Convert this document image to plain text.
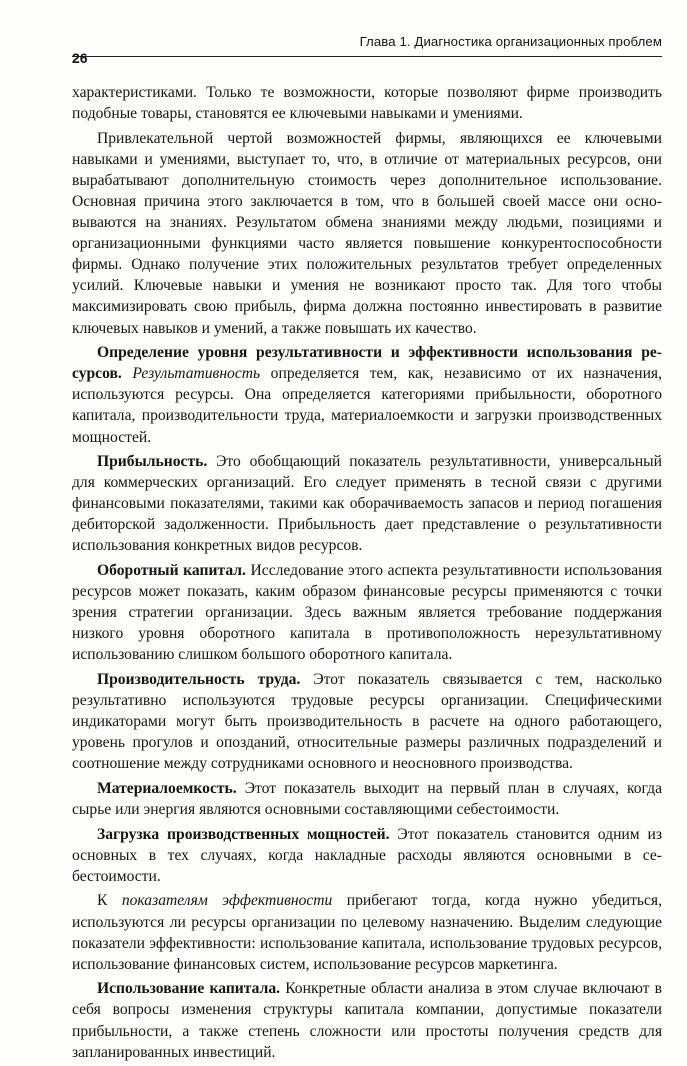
26
Глава 1. Диагностика организационных проблем

характеристиками. Только те возможности, которые позволяют фирме производить подобные товары, становятся ее ключевыми навыками и умениями.

Привлекательной чертой возможностей фирмы, являющихся ее ключевыми навыками и умениями, выступает то, что, в отличие от материальных ресурсов, они вырабатывают дополнительную стоимость через дополнительное использование. Основная причина этого заключается в том, что в большей своей массе они основываются на знаниях. Результатом обмена знаниями между людьми, позициями и организационными функциями часто является повышение конкурентоспособности фирмы. Однако получение этих положительных результатов требует определенных усилий. Ключевые навыки и умения не возникают просто так. Для того чтобы максимизировать свою прибыль, фирма должна постоянно инвестировать в развитие ключевых навыков и умений, а также повышать их качество.

Определение уровня результативности и эффективности использования ресурсов. Результативность определяется тем, как, независимо от их назначения, используются ресурсы. Она определяется категориями прибыльности, оборотного капитала, производительности труда, материалоемкости и загрузки производственных мощностей.

Прибыльность. Это обобщающий показатель результативности, универсальный для коммерческих организаций. Его следует применять в тесной связи с другими финансовыми показателями, такими как оборачиваемость запасов и период погашения дебиторской задолженности. Прибыльность дает представление о результативности использования конкретных видов ресурсов.

Оборотный капитал. Исследование этого аспекта результативности использования ресурсов может показать, каким образом финансовые ресурсы применяются с точки зрения стратегии организации. Здесь важным является требование поддержания низкого уровня оборотного капитала в противоположность нерезультативному использованию слишком большого оборотного капитала.

Производительность труда. Этот показатель связывается с тем, насколько результативно используются трудовые ресурсы организации. Специфическими индикаторами могут быть производительность в расчете на одного работающего, уровень прогулов и опозданий, относительные размеры различных подразделений и соотношение между сотрудниками основного и неосновного производства.

Материалоемкость. Этот показатель выходит на первый план в случаях, когда сырье или энергия являются основными составляющими себестоимости.

Загрузка производственных мощностей. Этот показатель становится одним из основных в тех случаях, когда накладные расходы являются основными в себестоимости.

К показателям эффективности прибегают тогда, когда нужно убедиться, используются ли ресурсы организации по целевому назначению. Выделим следующие показатели эффективности: использование капитала, использование трудовых ресурсов, использование финансовых систем, использование ресурсов маркетинга.

Использование капитала. Конкретные области анализа в этом случае включают в себя вопросы изменения структуры капитала компании, допустимые показатели прибыльности, а также степень сложности или простоты получения средств для запланированных инвестиций.
